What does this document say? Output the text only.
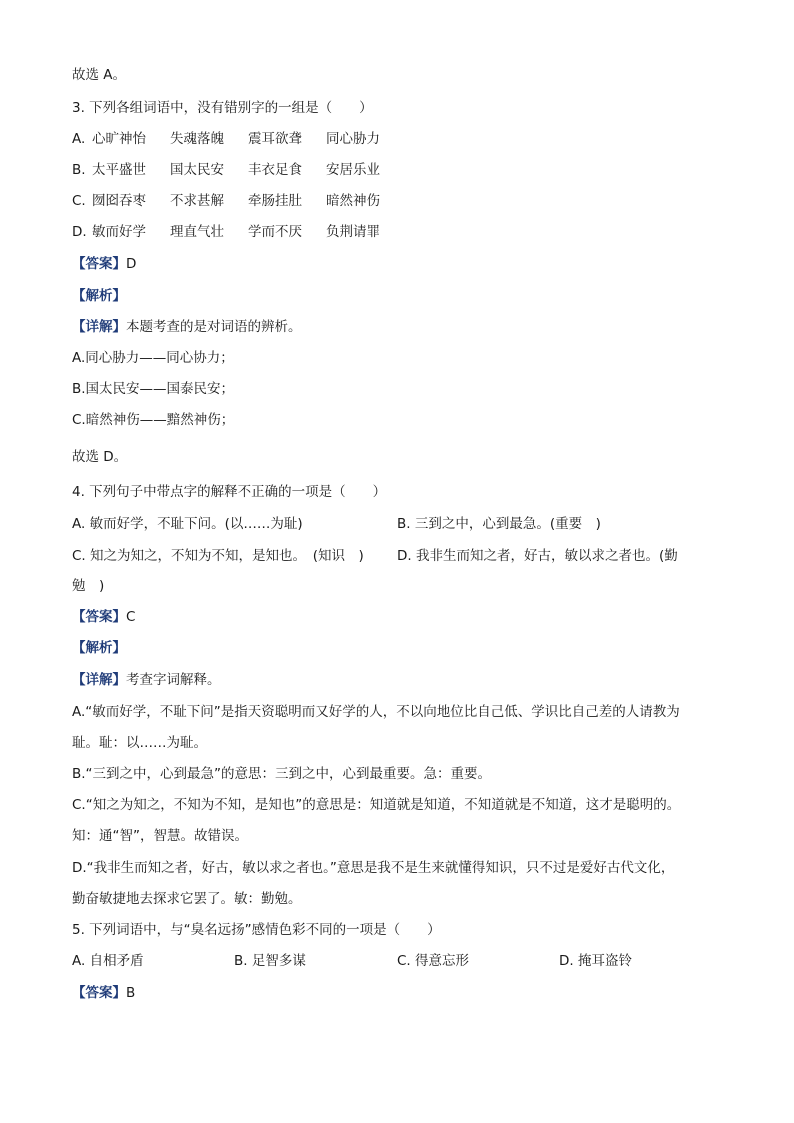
故选 A。
3. 下列各组词语中，没有错别字的一组是（　　）
A. 心旷神怡 失魂落魄 震耳欲聋 同心胁力
B. 太平盛世 国太民安 丰衣足食 安居乐业
C. 囫囵吞枣 不求甚解 牵肠挂肚 暗然神伤
D. 敏而好学 理直气壮 学而不厌 负荆请罪
【答案】D
【解析】
【详解】本题考查的是对词语的辨析。
A.同心胁力——同心协力；
B.国太民安——国泰民安；
C.暗然神伤——黯然神伤；
故选 D。
4. 下列句子中带点字的解释不正确的一项是（　　）
A. 敏而好学，不耻下问。(以……为耻)	B. 三到之中，心到最急。(重要　)
C. 知之为知之，不知为不知，是知也。　(知识　) D. 我非生而知之者，好古，敏以求之者也。(勤
勉　)
【答案】C
【解析】
【详解】考查字词解释。
A.“敏而好学，不耻下问”是指天资聪明而又好学的人，不以向地位比自己低、学识比自己差的人请教为
耻。耻：以……为耻。
B.“三到之中，心到最急”的意思：三到之中，心到最重要。急：重要。
C.“知之为知之，不知为不知，是知也”的意思是：知道就是知道，不知道就是不知道，这才是聪明的。
知：通“智”，智慧。故错误。
D.“我非生而知之者，好古，敏以求之者也。”意思是我不是生来就懂得知识，只不过是爱好古代文化，
勤奋敏捷地去探求它罢了。敏：勤勉。
5. 下列词语中，与“臭名远扬”感情色彩不同的一项是（　　）
A. 自相矛盾	B. 足智多谋	C. 得意忘形	D. 掩耳盗铃
【答案】B
